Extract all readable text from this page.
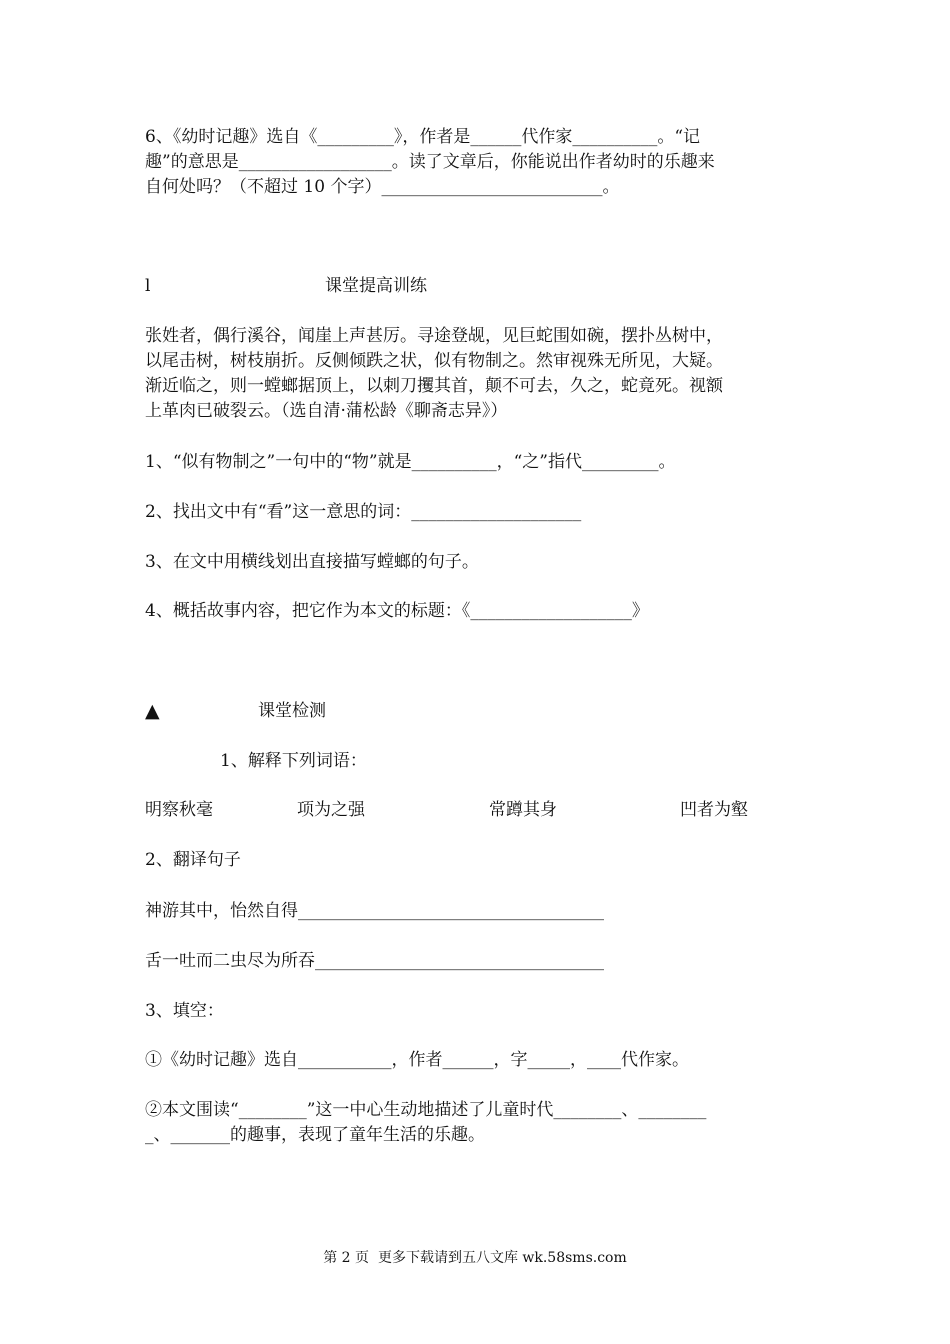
6、《幼时记趣》选自《_________》，作者是______代作家__________。“记
趣”的意思是__________________。读了文章后，你能说出作者幼时的乐趣来
自何处吗？（不超过 10 个字）__________________________。
l	课堂提高训练
张姓者，偶行溪谷，闻崖上声甚厉。寻途登觇，见巨蛇围如碗，摆扑丛树中，
以尾击树，树枝崩折。反侧倾跌之状，似有物制之。然审视殊无所见，大疑。
渐近临之，则一螳螂据顶上，以刺刀攫其首，颠不可去，久之，蛇竟死。视额
上革肉已破裂云。（选自清·蒲松龄《聊斋志异》）
1、“似有物制之”一句中的“物”就是__________，“之”指代_________。
2、找出文中有“看”这一意思的词：____________________
3、在文中用横线划出直接描写螳螂的句子。
4、概括故事内容，把它作为本文的标题：《___________________》
▲	课堂检测
1、解释下列词语：
明察秋毫	项为之强	常蹲其身	凹者为壑
2、翻译句子
神游其中，怡然自得____________________________________
舌一吐而二虫尽为所吞__________________________________
3、填空：
①《幼时记趣》选自___________，作者______，字_____，____代作家。
②本文围读“________”这一中心生动地描述了儿童时代________、________
_、_______的趣事，表现了童年生活的乐趣。
第 2 页  更多下载请到五八文库 wk.58sms.com
